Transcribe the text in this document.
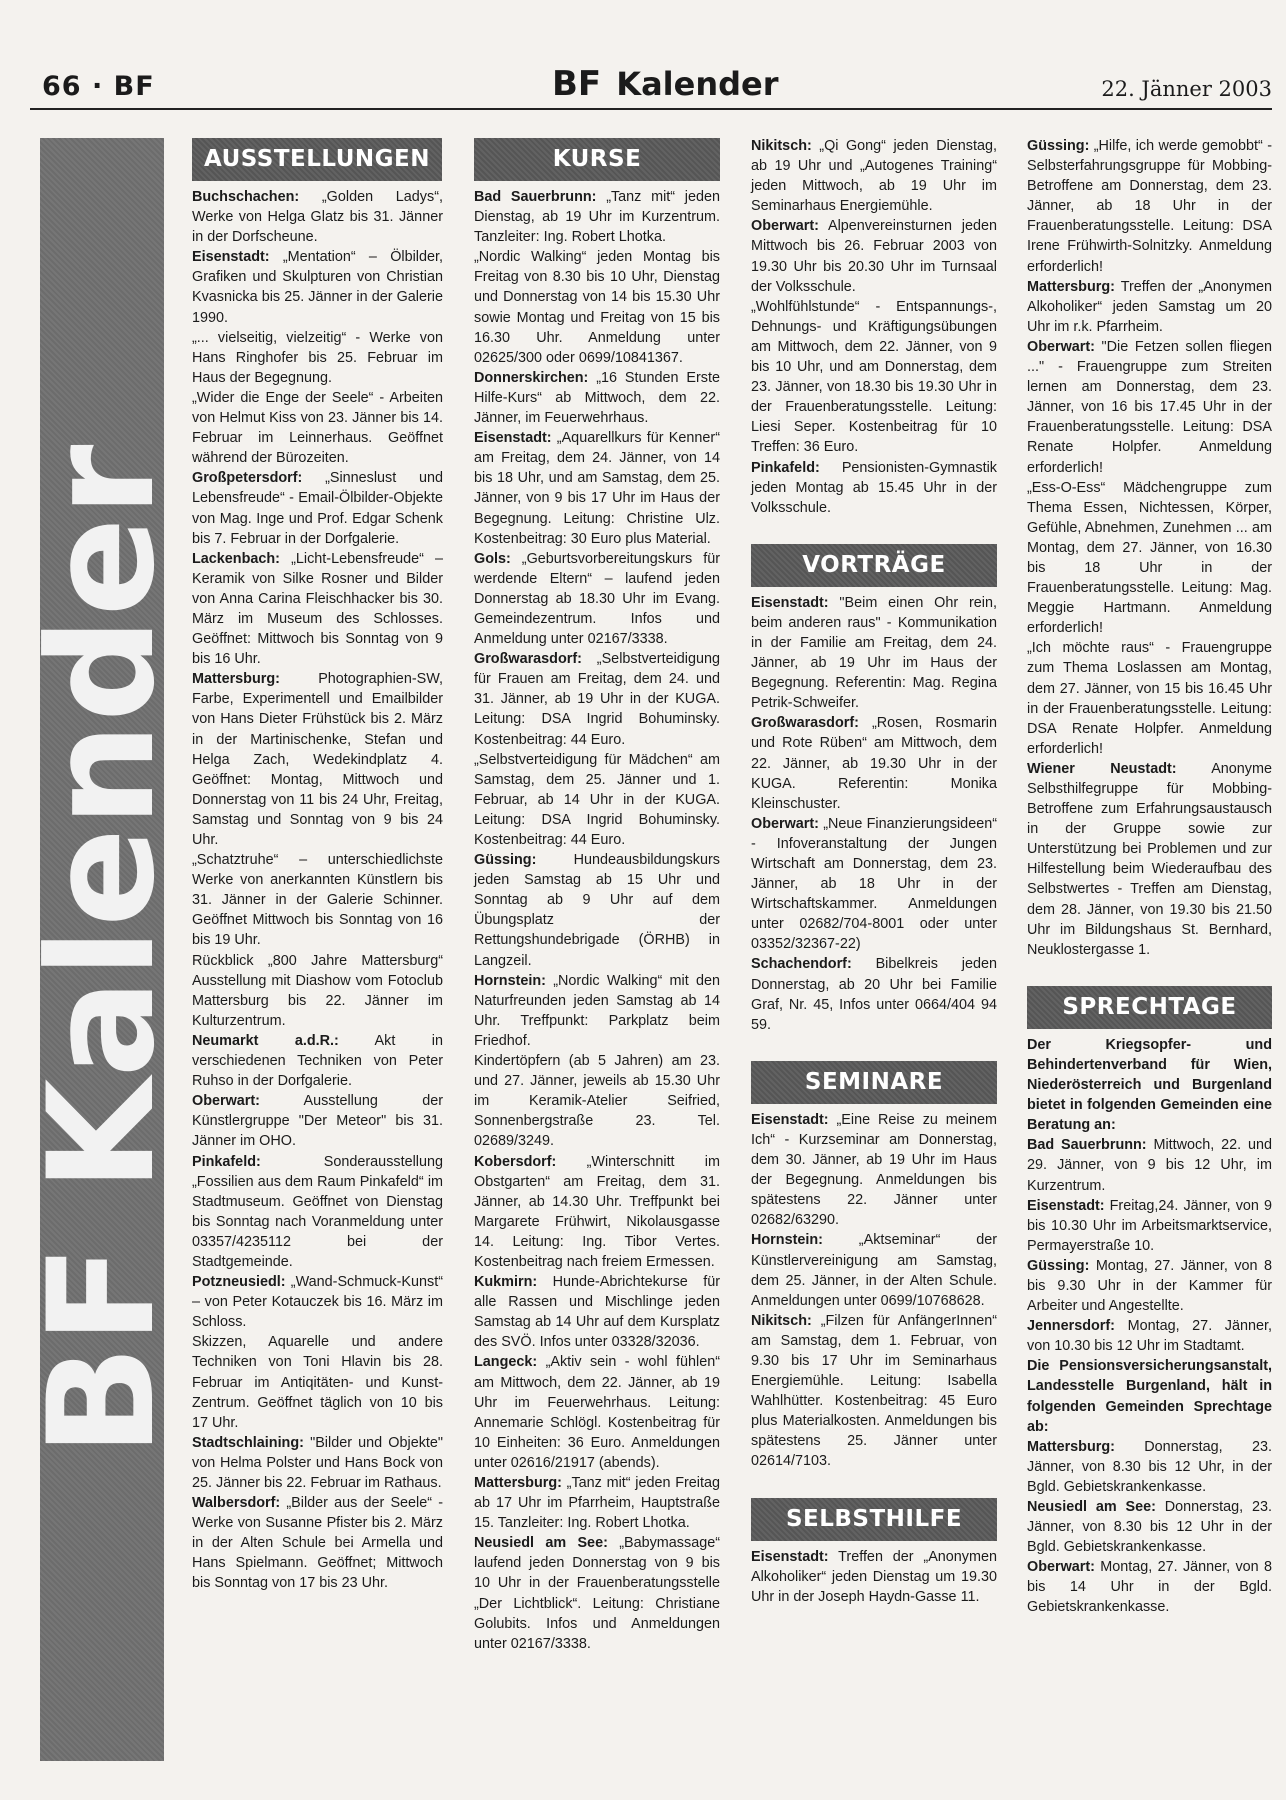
66 · BF	BF Kalender	22. Jänner 2003
BF Kalender
AUSSTELLUNGEN

Buchschachen: „Golden Ladys“, Werke von Helga Glatz bis 31. Jänner in der Dorfscheune.

Eisenstadt: „Mentation“ – Ölbilder, Grafiken und Skulpturen von Christian Kvasnicka bis 25. Jänner in der Galerie 1990.

„... vielseitig, vielzeitig“ - Werke von Hans Ringhofer bis 25. Februar im Haus der Begegnung.

„Wider die Enge der Seele“ - Arbeiten von Helmut Kiss von 23. Jänner bis 14. Februar im Leinnerhaus. Geöffnet während der Bürozeiten.

Großpetersdorf: „Sinneslust und Lebensfreude“ - Email-Ölbilder-Objekte von Mag. Inge und Prof. Edgar Schenk bis 7. Februar in der Dorfgalerie.

Lackenbach: „Licht-Lebensfreude“ – Keramik von Silke Rosner und Bilder von Anna Carina Fleischhacker bis 30. März im Museum des Schlosses. Geöffnet: Mittwoch bis Sonntag von 9 bis 16 Uhr.

Mattersburg: Photographien-SW, Farbe, Experimentell und Emailbilder von Hans Dieter Frühstück bis 2. März in der Martinischenke, Stefan und Helga Zach, Wedekindplatz 4. Geöffnet: Montag, Mittwoch und Donnerstag von 11 bis 24 Uhr, Freitag, Samstag und Sonntag von 9 bis 24 Uhr.

„Schatztruhe“ – unterschiedlichste Werke von anerkannten Künstlern bis 31. Jänner in der Galerie Schinner. Geöffnet Mittwoch bis Sonntag von 16 bis 19 Uhr.

Rückblick „800 Jahre Mattersburg“ Ausstellung mit Diashow vom Fotoclub Mattersburg bis 22. Jänner im Kulturzentrum.

Neumarkt a.d.R.: Akt in verschiedenen Techniken von Peter Ruhso in der Dorfgalerie.

Oberwart: Ausstellung der Künstlergruppe "Der Meteor" bis 31. Jänner im OHO.

Pinkafeld: Sonderausstellung „Fossilien aus dem Raum Pinkafeld“ im Stadtmuseum. Geöffnet von Dienstag bis Sonntag nach Voranmeldung unter 03357/4235112 bei der Stadtgemeinde.

Potzneusiedl: „Wand-Schmuck-Kunst“ – von Peter Kotauczek bis 16. März im Schloss.

Skizzen, Aquarelle und andere Techniken von Toni Hlavin bis 28. Februar im Antiqitäten- und Kunst-Zentrum. Geöffnet täglich von 10 bis 17 Uhr.

Stadtschlaining: "Bilder und Objekte" von Helma Polster und Hans Bock von 25. Jänner bis 22. Februar im Rathaus.

Walbersdorf: „Bilder aus der Seele“ - Werke von Susanne Pfister bis 2. März in der Alten Schule bei Armella und Hans Spielmann. Geöffnet; Mittwoch bis Sonntag von 17 bis 23 Uhr.

KURSE

Bad Sauerbrunn: „Tanz mit“ jeden Dienstag, ab 19 Uhr im Kurzentrum. Tanzleiter: Ing. Robert Lhotka.

„Nordic Walking“ jeden Montag bis Freitag von 8.30 bis 10 Uhr, Dienstag und Donnerstag von 14 bis 15.30 Uhr sowie Montag und Freitag von 15 bis 16.30 Uhr. Anmeldung unter 02625/300 oder 0699/10841367.

Donnerskirchen: „16 Stunden Erste Hilfe-Kurs“ ab Mittwoch, dem 22. Jänner, im Feuerwehrhaus.

Eisenstadt: „Aquarellkurs für Kenner“ am Freitag, dem 24. Jänner, von 14 bis 18 Uhr, und am Samstag, dem 25. Jänner, von 9 bis 17 Uhr im Haus der Begegnung. Leitung: Christine Ulz. Kostenbeitrag: 30 Euro plus Material.

Gols: „Geburtsvorbereitungskurs für werdende Eltern“ – laufend jeden Donnerstag ab 18.30 Uhr im Evang. Gemeindezentrum. Infos und Anmeldung unter 02167/3338.

Großwarasdorf: „Selbstverteidigung für Frauen am Freitag, dem 24. und 31. Jänner, ab 19 Uhr in der KUGA. Leitung: DSA Ingrid Bohuminsky. Kostenbeitrag: 44 Euro.

„Selbstverteidigung für Mädchen“ am Samstag, dem 25. Jänner und 1. Februar, ab 14 Uhr in der KUGA. Leitung: DSA Ingrid Bohuminsky. Kostenbeitrag: 44 Euro.

Güssing: Hundeausbildungskurs jeden Samstag ab 15 Uhr und Sonntag ab 9 Uhr auf dem Übungsplatz der Rettungshundebrigade (ÖRHB) in Langzeil.

Hornstein: „Nordic Walking“ mit den Naturfreunden jeden Samstag ab 14 Uhr. Treffpunkt: Parkplatz beim Friedhof.

Kindertöpfern (ab 5 Jahren) am 23. und 27. Jänner, jeweils ab 15.30 Uhr im Keramik-Atelier Seifried, Sonnenbergstraße 23. Tel. 02689/3249.

Kobersdorf: „Winterschnitt im Obstgarten“ am Freitag, dem 31. Jänner, ab 14.30 Uhr. Treffpunkt bei Margarete Frühwirt, Nikolausgasse 14. Leitung: Ing. Tibor Vertes. Kostenbeitrag nach freiem Ermessen.

Kukmirn: Hunde-Abrichtekurse für alle Rassen und Mischlinge jeden Samstag ab 14 Uhr auf dem Kursplatz des SVÖ. Infos unter 03328/32036.

Langeck: „Aktiv sein - wohl fühlen“ am Mittwoch, dem 22. Jänner, ab 19 Uhr im Feuerwehrhaus. Leitung: Annemarie Schlögl. Kostenbeitrag für 10 Einheiten: 36 Euro. Anmeldungen unter 02616/21917 (abends).

Mattersburg: „Tanz mit“ jeden Freitag ab 17 Uhr im Pfarrheim, Hauptstraße 15. Tanzleiter: Ing. Robert Lhotka.

Neusiedl am See: „Babymassage“ laufend jeden Donnerstag von 9 bis 10 Uhr in der Frauenberatungsstelle „Der Lichtblick“. Leitung: Christiane Golubits. Infos und Anmeldungen unter 02167/3338.

Nikitsch: „Qi Gong“ jeden Dienstag, ab 19 Uhr und „Autogenes Training“ jeden Mittwoch, ab 19 Uhr im Seminarhaus Energiemühle.

Oberwart: Alpenvereinsturnen jeden Mittwoch bis 26. Februar 2003 von 19.30 Uhr bis 20.30 Uhr im Turnsaal der Volksschule.

„Wohlfühlstunde“ - Entspannungs-, Dehnungs- und Kräftigungsübungen am Mittwoch, dem 22. Jänner, von 9 bis 10 Uhr, und am Donnerstag, dem 23. Jänner, von 18.30 bis 19.30 Uhr in der Frauenberatungsstelle. Leitung: Liesi Seper. Kostenbeitrag für 10 Treffen: 36 Euro.

Pinkafeld: Pensionisten-Gymnastik jeden Montag ab 15.45 Uhr in der Volksschule.

VORTRÄGE

Eisenstadt: "Beim einen Ohr rein, beim anderen raus" - Kommunikation in der Familie am Freitag, dem 24. Jänner, ab 19 Uhr im Haus der Begegnung. Referentin: Mag. Regina Petrik-Schweifer.

Großwarasdorf: „Rosen, Rosmarin und Rote Rüben“ am Mittwoch, dem 22. Jänner, ab 19.30 Uhr in der KUGA. Referentin: Monika Kleinschuster.

Oberwart: „Neue Finanzierungsideen“ - Infoveranstaltung der Jungen Wirtschaft am Donnerstag, dem 23. Jänner, ab 18 Uhr in der Wirtschaftskammer. Anmeldungen unter 02682/704-8001 oder unter 03352/32367-22)

Schachendorf: Bibelkreis jeden Donnerstag, ab 20 Uhr bei Familie Graf, Nr. 45, Infos unter 0664/404 94 59.

SEMINARE

Eisenstadt: „Eine Reise zu meinem Ich“ - Kurzseminar am Donnerstag, dem 30. Jänner, ab 19 Uhr im Haus der Begegnung. Anmeldungen bis spätestens 22. Jänner unter 02682/63290.

Hornstein: „Aktseminar“ der Künstlervereinigung am Samstag, dem 25. Jänner, in der Alten Schule. Anmeldungen unter 0699/10768628.

Nikitsch: „Filzen für AnfängerInnen“ am Samstag, dem 1. Februar, von 9.30 bis 17 Uhr im Seminarhaus Energiemühle. Leitung: Isabella Wahlhütter. Kostenbeitrag: 45 Euro plus Materialkosten. Anmeldungen bis spätestens 25. Jänner unter 02614/7103.

SELBSTHILFE

Eisenstadt: Treffen der „Anonymen Alkoholiker“ jeden Dienstag um 19.30 Uhr in der Joseph Haydn-Gasse 11.

Güssing: „Hilfe, ich werde gemobbt“ - Selbsterfahrungsgruppe für Mobbing-Betroffene am Donnerstag, dem 23. Jänner, ab 18 Uhr in der Frauenberatungsstelle. Leitung: DSA Irene Frühwirth-Solnitzky. Anmeldung erforderlich!

Mattersburg: Treffen der „Anonymen Alkoholiker“ jeden Samstag um 20 Uhr im r.k. Pfarrheim.

Oberwart: "Die Fetzen sollen fliegen ..." - Frauengruppe zum Streiten lernen am Donnerstag, dem 23. Jänner, von 16 bis 17.45 Uhr in der Frauenberatungsstelle. Leitung: DSA Renate Holpfer. Anmeldung erforderlich!

„Ess-O-Ess“ Mädchengruppe zum Thema Essen, Nichtessen, Körper, Gefühle, Abnehmen, Zunehmen ... am Montag, dem 27. Jänner, von 16.30 bis 18 Uhr in der Frauenberatungsstelle. Leitung: Mag. Meggie Hartmann. Anmeldung erforderlich!

„Ich möchte raus“ - Frauengruppe zum Thema Loslassen am Montag, dem 27. Jänner, von 15 bis 16.45 Uhr in der Frauenberatungsstelle. Leitung: DSA Renate Holpfer. Anmeldung erforderlich!

Wiener Neustadt: Anonyme Selbsthilfegruppe für Mobbing-Betroffene zum Erfahrungsaustausch in der Gruppe sowie zur Unterstützung bei Problemen und zur Hilfestellung beim Wiederaufbau des Selbstwertes - Treffen am Dienstag, dem 28. Jänner, von 19.30 bis 21.50 Uhr im Bildungshaus St. Bernhard, Neuklostergasse 1.

SPRECHTAGE

Der Kriegsopfer- und Behindertenverband für Wien, Niederösterreich und Burgenland bietet in folgenden Gemeinden eine Beratung an:

Bad Sauerbrunn: Mittwoch, 22. und 29. Jänner, von 9 bis 12 Uhr, im Kurzentrum.

Eisenstadt: Freitag,24. Jänner, von 9 bis 10.30 Uhr im Arbeitsmarktservice, Permayerstraße 10.

Güssing: Montag, 27. Jänner, von 8 bis 9.30 Uhr in der Kammer für Arbeiter und Angestellte.

Jennersdorf: Montag, 27. Jänner, von 10.30 bis 12 Uhr im Stadtamt.

Die Pensionsversicherungsanstalt, Landesstelle Burgenland, hält in folgenden Gemeinden Sprechtage ab:

Mattersburg: Donnerstag, 23. Jänner, von 8.30 bis 12 Uhr, in der Bgld. Gebietskrankenkasse.

Neusiedl am See: Donnerstag, 23. Jänner, von 8.30 bis 12 Uhr in der Bgld. Gebietskrankenkasse.

Oberwart: Montag, 27. Jänner, von 8 bis 14 Uhr in der Bgld. Gebietskrankenkasse.
